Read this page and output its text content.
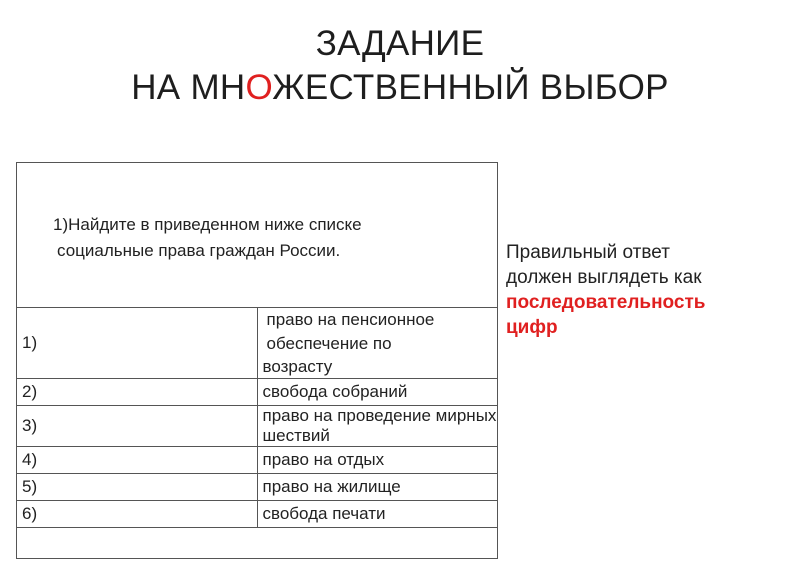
ЗАДАНИЕ
НА МНОЖЕСТВЕННЫЙ ВЫБОР
1)Найдите в приведенном ниже списке
социальные права граждан России.	

1)	право на пенсионное обеспечение по
возрасту

2)	свобода собраний
3)	право на проведение мирных шествий
4)	право на отдых
5)	право на жилище
6)	свобода печати

Правильный ответ
должен выглядеть как
последовательность
цифр
